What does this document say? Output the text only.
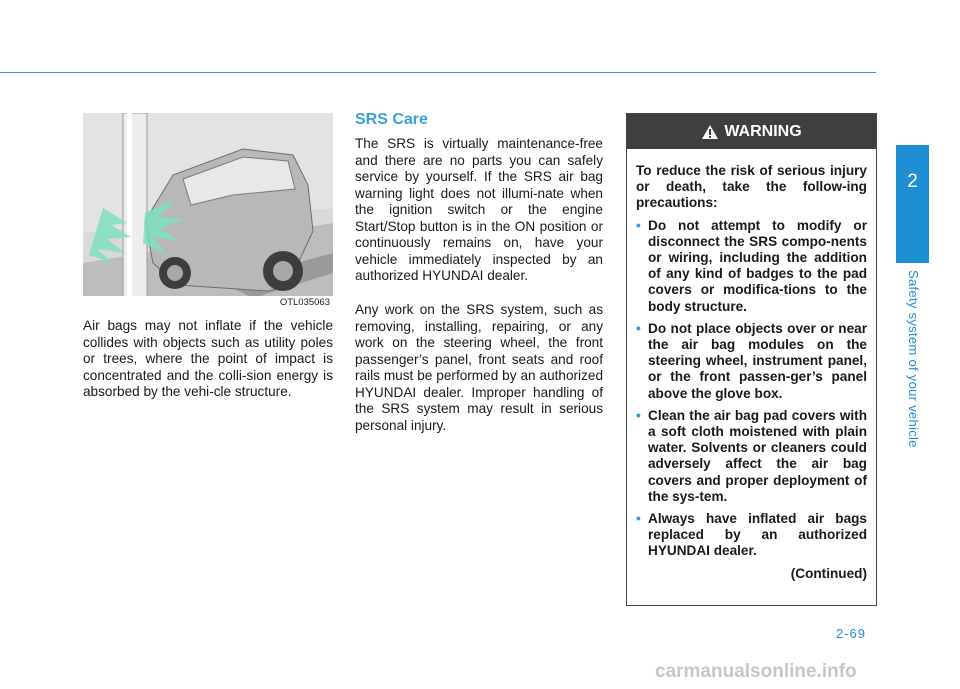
2
Safety system of your vehicle
OTL035063

Air bags may not inflate if the vehicle collides with objects such as utility poles or trees, where the point of impact is concentrated and the colli-sion energy is absorbed by the vehi-cle structure.

SRS Care

The SRS is virtually maintenance-free and there are no parts you can safely service by yourself. If the SRS air bag warning light does not illumi-nate when the ignition switch or the engine Start/Stop button is in the ON position or continuously remains on, have your vehicle immediately inspected by an authorized HYUNDAI dealer.

Any work on the SRS system, such as removing, installing, repairing, or any work on the steering wheel, the front passenger’s panel, front seats and roof rails must be performed by an authorized HYUNDAI dealer. Improper handling of the SRS system may result in serious personal injury.

WARNING

To reduce the risk of serious injury or death, take the follow-ing precautions:

• Do not attempt to modify or disconnect the SRS compo-nents or wiring, including the addition of any kind of badges to the pad covers or modifica-tions to the body structure.
• Do not place objects over or near the air bag modules on the steering wheel, instrument panel, or the front passen-ger’s panel above the glove box.
• Clean the air bag pad covers with a soft cloth moistened with plain water. Solvents or cleaners could adversely affect the air bag covers and proper deployment of the sys-tem.
• Always have inflated air bags replaced by an authorized HYUNDAI dealer.
(Continued)
2-69
carmanualsonline.info
